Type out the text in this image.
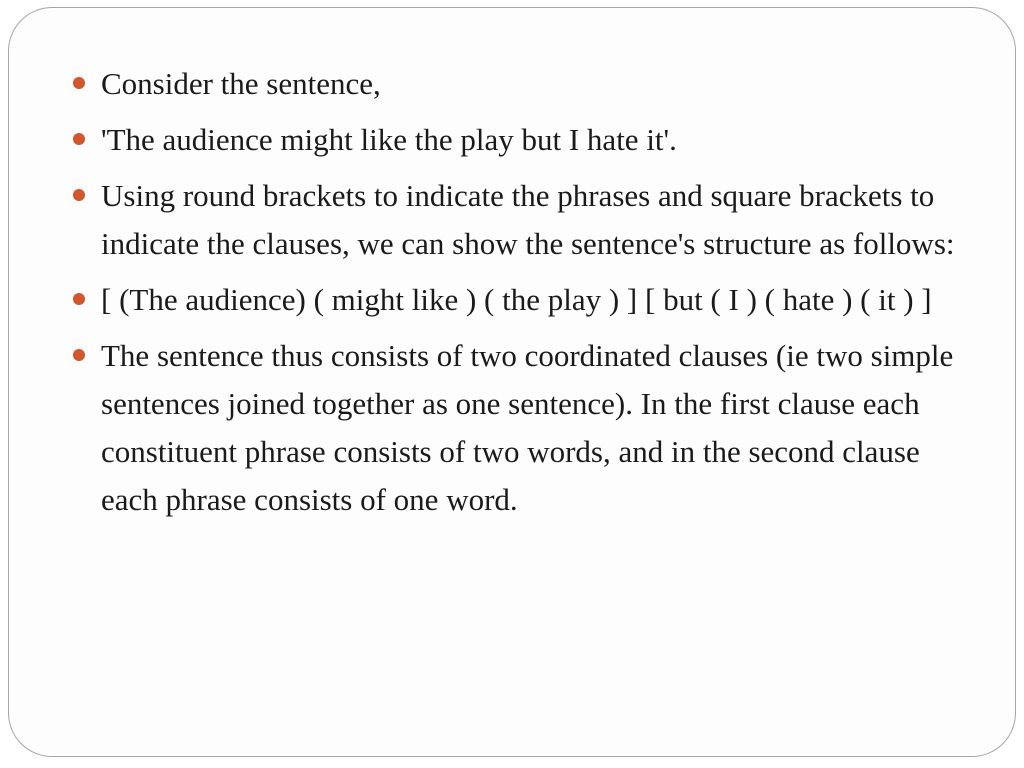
Consider the sentence,
'The audience might like the play but I hate it'.
Using round brackets to indicate the phrases and square brackets to indicate the clauses, we can show the sentence's structure as follows:
[ (The audience) ( might like ) ( the play ) ] [ but ( I ) ( hate ) ( it ) ]
The sentence thus consists of two coordinated clauses (ie two simple sentences joined together as one sentence). In the first clause each constituent phrase consists of two words, and in the second clause each phrase consists of one word.
